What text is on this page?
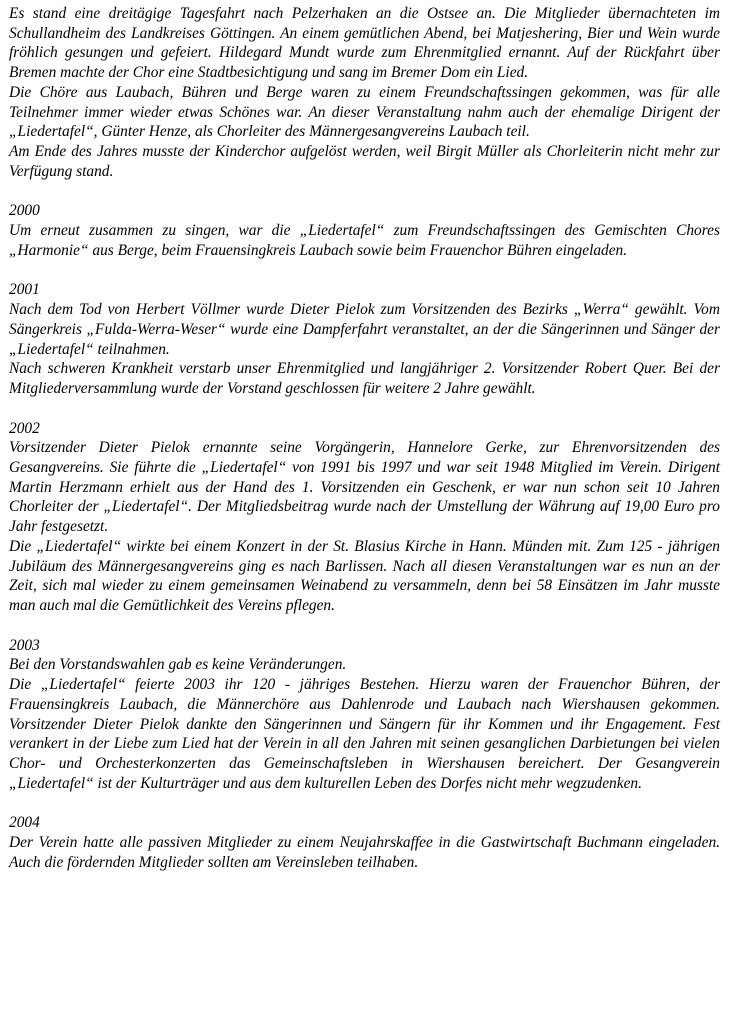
Es stand eine dreitägige Tagesfahrt nach Pelzerhaken an die Ostsee an. Die Mitglieder übernachteten im Schullandheim des Landkreises Göttingen. An einem gemütlichen Abend, bei Matjeshering, Bier und Wein wurde fröhlich gesungen und gefeiert. Hildegard Mundt wurde zum Ehrenmitglied ernannt. Auf der Rückfahrt über Bremen machte der Chor eine Stadtbesichtigung und sang im Bremer Dom ein Lied.

Die Chöre aus Laubach, Bühren und Berge waren zu einem Freundschaftssingen gekommen, was für alle Teilnehmer immer wieder etwas Schönes war. An dieser Veranstaltung nahm auch der ehemalige Dirigent der „Liedertafel“, Günter Henze, als Chorleiter des Männergesangvereins Laubach teil.

Am Ende des Jahres musste der Kinderchor aufgelöst werden, weil Birgit Müller als Chorleiterin nicht mehr zur Verfügung stand.

2000

Um erneut zusammen zu singen, war die „Liedertafel“ zum Freundschaftssingen des Gemischten Chores „Harmonie“ aus Berge, beim Frauensingkreis Laubach sowie beim Frauenchor Bühren eingeladen.

2001

Nach dem Tod von Herbert Völlmer wurde Dieter Pielok zum Vorsitzenden des Bezirks „Werra“ gewählt. Vom Sängerkreis „Fulda-Werra-Weser“ wurde eine Dampferfahrt veranstaltet, an der die Sängerinnen und Sänger der „Liedertafel“ teilnahmen.

Nach schweren Krankheit verstarb unser Ehrenmitglied und langjähriger 2. Vorsitzender Robert Quer. Bei der Mitgliederversammlung wurde der Vorstand geschlossen für weitere 2 Jahre gewählt.

2002

Vorsitzender Dieter Pielok ernannte seine Vorgängerin, Hannelore Gerke, zur Ehrenvorsitzenden des Gesangvereins. Sie führte die „Liedertafel“ von 1991 bis 1997 und war seit 1948 Mitglied im Verein. Dirigent Martin Herzmann erhielt aus der Hand des 1. Vorsitzenden ein Geschenk, er war nun schon seit 10 Jahren Chorleiter der „Liedertafel“. Der Mitgliedsbeitrag wurde nach der Umstellung der Währung auf 19,00 Euro pro Jahr festgesetzt.

Die „Liedertafel“ wirkte bei einem Konzert in der St. Blasius Kirche in Hann. Münden mit. Zum 125 - jährigen Jubiläum des Männergesangvereins ging es nach Barlissen. Nach all diesen Veranstaltungen war es nun an der Zeit, sich mal wieder zu einem gemeinsamen Weinabend zu versammeln, denn bei 58 Einsätzen im Jahr musste man auch mal die Gemütlichkeit des Vereins pflegen.

2003

Bei den Vorstandswahlen gab es keine Veränderungen.

Die „Liedertafel“ feierte 2003 ihr 120 - jähriges Bestehen. Hierzu waren der Frauenchor Bühren, der Frauensingkreis Laubach, die Männerchöre aus Dahlenrode und Laubach nach Wiershausen gekommen. Vorsitzender Dieter Pielok dankte den Sängerinnen und Sängern für ihr Kommen und ihr Engagement. Fest verankert in der Liebe zum Lied hat der Verein in all den Jahren mit seinen gesanglichen Darbietungen bei vielen Chor- und Orchesterkonzerten das Gemeinschaftsleben in Wiershausen bereichert. Der Gesangverein „Liedertafel“ ist der Kulturträger und aus dem kulturellen Leben des Dorfes nicht mehr wegzudenken.

2004

Der Verein hatte alle passiven Mitglieder zu einem Neujahrskaffee in die Gastwirtschaft Buchmann eingeladen. Auch die fördernden Mitglieder sollten am Vereinsleben teilhaben.
